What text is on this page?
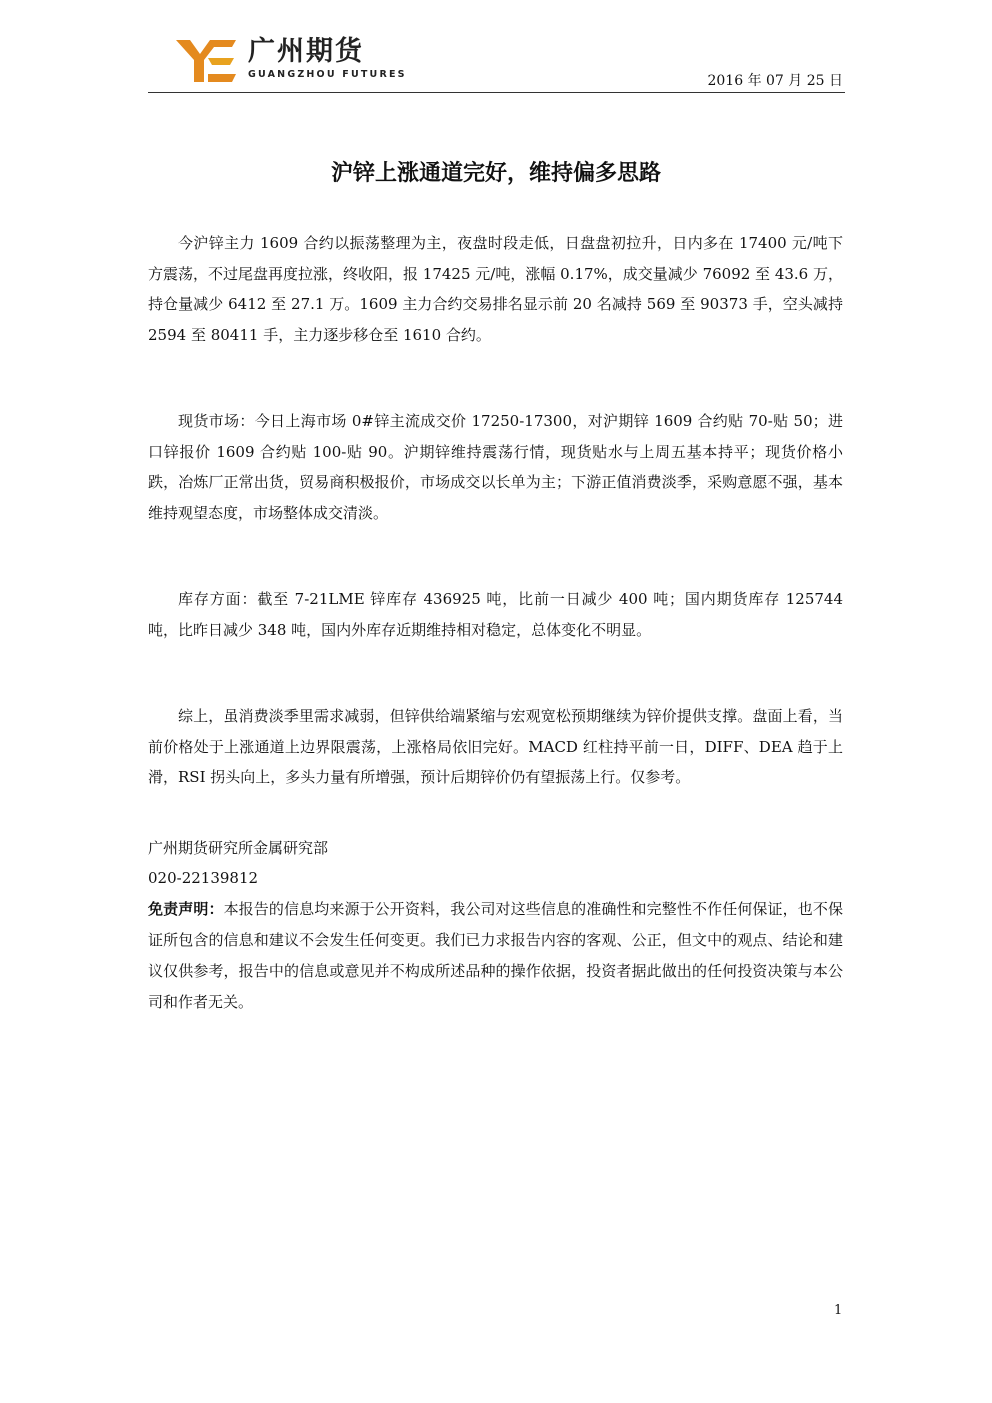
广州期货
GUANGZHOU FUTURES	2016 年 07 月 25 日
沪锌上涨通道完好，维持偏多思路

今沪锌主力 1609 合约以振荡整理为主，夜盘时段走低，日盘盘初拉升，日内多在 17400 元/吨下方震荡，不过尾盘再度拉涨，终收阳，报 17425 元/吨，涨幅 0.17%，成交量减少 76092 至 43.6 万，持仓量减少 6412 至 27.1 万。1609 主力合约交易排名显示前 20 名减持 569 至 90373 手，空头减持 2594 至 80411 手，主力逐步移仓至 1610 合约。

现货市场：今日上海市场 0#锌主流成交价 17250-17300，对沪期锌 1609 合约贴 70-贴 50；进口锌报价 1609 合约贴 100-贴 90。沪期锌维持震荡行情，现货贴水与上周五基本持平；现货价格小跌，冶炼厂正常出货，贸易商积极报价，市场成交以长单为主；下游正值消费淡季，采购意愿不强，基本维持观望态度，市场整体成交清淡。

库存方面：截至 7-21LME 锌库存 436925 吨，比前一日减少 400 吨；国内期货库存 125744 吨，比昨日减少 348 吨，国内外库存近期维持相对稳定，总体变化不明显。

综上，虽消费淡季里需求减弱，但锌供给端紧缩与宏观宽松预期继续为锌价提供支撑。盘面上看，当前价格处于上涨通道上边界限震荡，上涨格局依旧完好。MACD 红柱持平前一日，DIFF、DEA 趋于上滑，RSI 拐头向上，多头力量有所增强，预计后期锌价仍有望振荡上行。仅参考。

广州期货研究所金属研究部

020-22139812

免责声明：本报告的信息均来源于公开资料，我公司对这些信息的准确性和完整性不作任何保证，也不保证所包含的信息和建议不会发生任何变更。我们已力求报告内容的客观、公正，但文中的观点、结论和建议仅供参考，报告中的信息或意见并不构成所述品种的操作依据，投资者据此做出的任何投资决策与本公司和作者无关。

1
